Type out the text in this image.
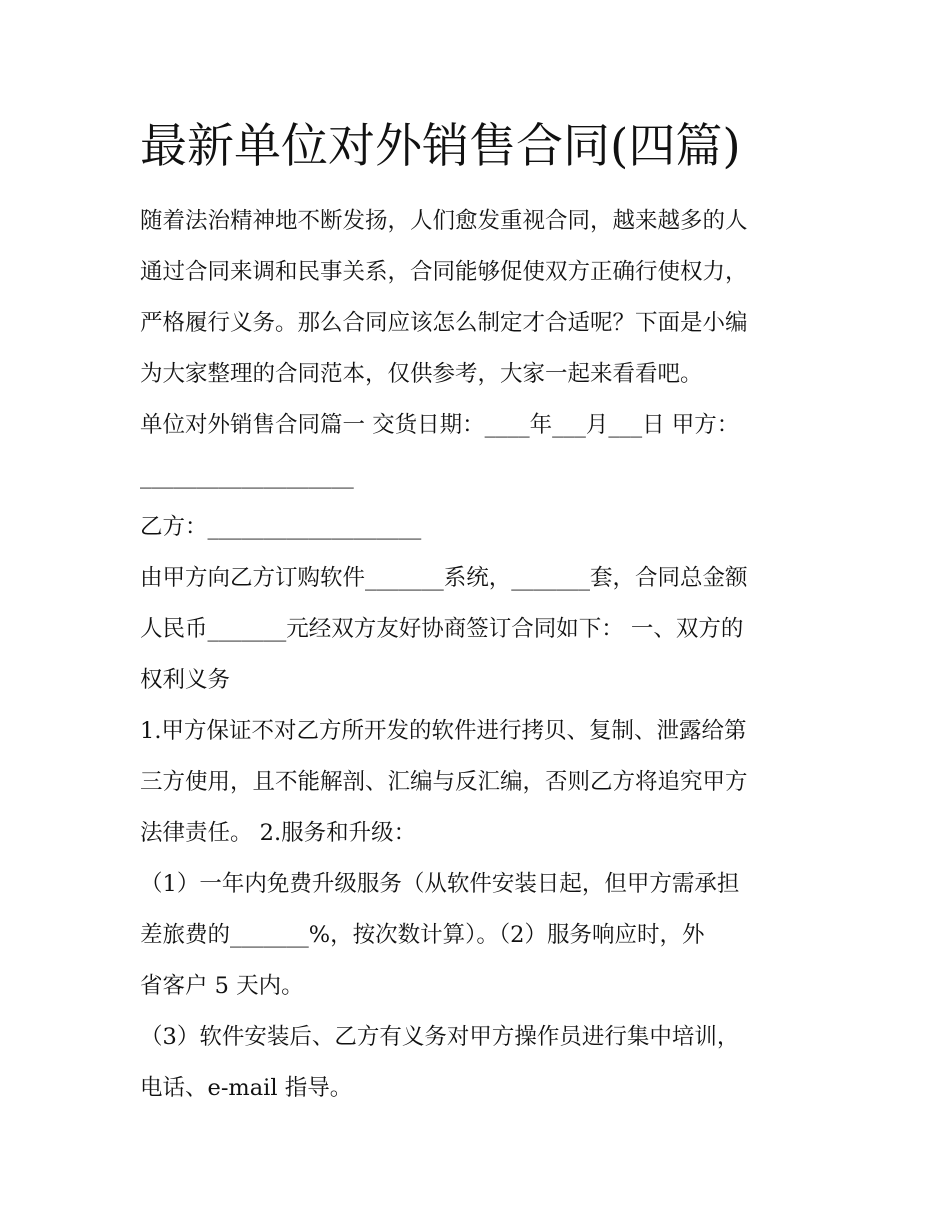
最新单位对外销售合同(四篇)
随着法治精神地不断发扬，人们愈发重视合同，越来越多的人
通过合同来调和民事关系，合同能够促使双方正确行使权力，
严格履行义务。那么合同应该怎么制定才合适呢？下面是小编
为大家整理的合同范本，仅供参考，大家一起来看看吧。
单位对外销售合同篇一 交货日期：____年___月___日 甲方：
___________________
乙方：___________________
由甲方向乙方订购软件_______系统，_______套，合同总金额
人民币_______元经双方友好协商签订合同如下： 一、双方的
权利义务
1.甲方保证不对乙方所开发的软件进行拷贝、复制、泄露给第
三方使用，且不能解剖、汇编与反汇编，否则乙方将追究甲方
法律责任。 2.服务和升级：
（1）一年内免费升级服务（从软件安装日起，但甲方需承担
差旅费的_______%，按次数计算）。（2）服务响应时，外
省客户 5 天内。
（3）软件安装后、乙方有义务对甲方操作员进行集中培训，
电话、e-mail 指导。
